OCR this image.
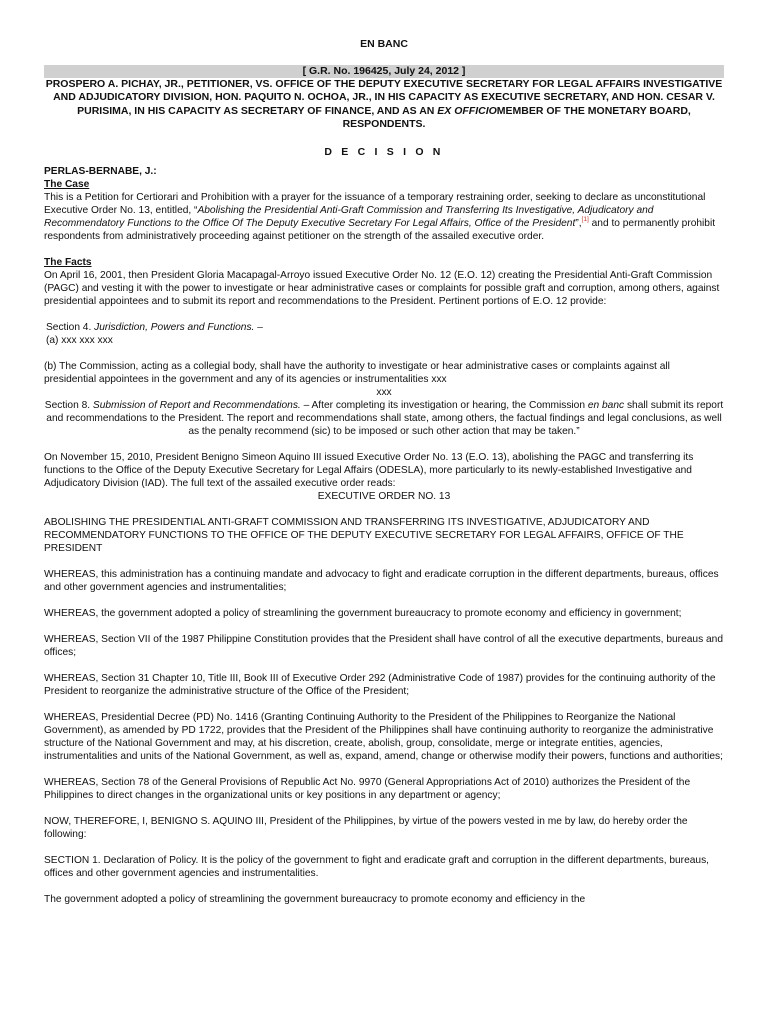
EN BANC
[ G.R. No. 196425, July 24, 2012 ]
PROSPERO A. PICHAY, JR., PETITIONER, VS. OFFICE OF THE DEPUTY EXECUTIVE SECRETARY FOR LEGAL AFFAIRS INVESTIGATIVE AND ADJUDICATORY DIVISION, HON. PAQUITO N. OCHOA, JR., IN HIS CAPACITY AS EXECUTIVE SECRETARY, AND HON. CESAR V. PURISIMA, IN HIS CAPACITY AS SECRETARY OF FINANCE, AND AS AN EX OFFICIOMEMBER OF THE MONETARY BOARD, RESPONDENTS.
D E C I S I O N
PERLAS-BERNABE, J.:
The Case

This is a Petition for Certiorari and Prohibition with a prayer for the issuance of a temporary restraining order, seeking to declare as unconstitutional Executive Order No. 13, entitled, “Abolishing the Presidential Anti-Graft Commission and Transferring Its Investigative, Adjudicatory and Recommendatory Functions to the Office Of The Deputy Executive Secretary For Legal Affairs, Office of the President”,[1] and to permanently prohibit respondents from administratively proceeding against petitioner on the strength of the assailed executive order.

The Facts

On April 16, 2001, then President Gloria Macapagal-Arroyo issued Executive Order No. 12 (E.O. 12) creating the Presidential Anti-Graft Commission (PAGC) and vesting it with the power to investigate or hear administrative cases or complaints for possible graft and corruption, among others, against presidential appointees and to submit its report and recommendations to the President. Pertinent portions of E.O. 12 provide:

Section 4. Jurisdiction, Powers and Functions. –

(a) xxx xxx xxx

(b) The Commission, acting as a collegial body, shall have the authority to investigate or hear administrative cases or complaints against all presidential appointees in the government and any of its agencies or instrumentalities xxx

xxx

Section 8. Submission of Report and Recommendations. – After completing its investigation or hearing, the Commission en banc shall submit its report and recommendations to the President. The report and recommendations shall state, among others, the factual findings and legal conclusions, as well as the penalty recommend (sic) to be imposed or such other action that may be taken.”

On November 15, 2010, President Benigno Simeon Aquino III issued Executive Order No. 13 (E.O. 13), abolishing the PAGC and transferring its functions to the Office of the Deputy Executive Secretary for Legal Affairs (ODESLA), more particularly to its newly-established Investigative and Adjudicatory Division (IAD). The full text of the assailed executive order reads:

EXECUTIVE ORDER NO. 13

ABOLISHING THE PRESIDENTIAL ANTI-GRAFT COMMISSION AND TRANSFERRING ITS INVESTIGATIVE, ADJUDICATORY AND RECOMMENDATORY FUNCTIONS TO THE OFFICE OF THE DEPUTY EXECUTIVE SECRETARY FOR LEGAL AFFAIRS, OFFICE OF THE PRESIDENT

WHEREAS, this administration has a continuing mandate and advocacy to fight and eradicate corruption in the different departments, bureaus, offices and other government agencies and instrumentalities;

WHEREAS, the government adopted a policy of streamlining the government bureaucracy to promote economy and efficiency in government;

WHEREAS, Section VII of the 1987 Philippine Constitution provides that the President shall have control of all the executive departments, bureaus and offices;

WHEREAS, Section 31 Chapter 10, Title III, Book III of Executive Order 292 (Administrative Code of 1987) provides for the continuing authority of the President to reorganize the administrative structure of the Office of the President;

WHEREAS, Presidential Decree (PD) No. 1416 (Granting Continuing Authority to the President of the Philippines to Reorganize the National Government), as amended by PD 1722, provides that the President of the Philippines shall have continuing authority to reorganize the administrative structure of the National Government and may, at his discretion, create, abolish, group, consolidate, merge or integrate entities, agencies, instrumentalities and units of the National Government, as well as, expand, amend, change or otherwise modify their powers, functions and authorities;

WHEREAS, Section 78 of the General Provisions of Republic Act No. 9970 (General Appropriations Act of 2010) authorizes the President of the Philippines to direct changes in the organizational units or key positions in any department or agency;

NOW, THEREFORE, I, BENIGNO S. AQUINO III, President of the Philippines, by virtue of the powers vested in me by law, do hereby order the following:

SECTION 1. Declaration of Policy. It is the policy of the government to fight and eradicate graft and corruption in the different departments, bureaus, offices and other government agencies and instrumentalities.

The government adopted a policy of streamlining the government bureaucracy to promote economy and efficiency in the
